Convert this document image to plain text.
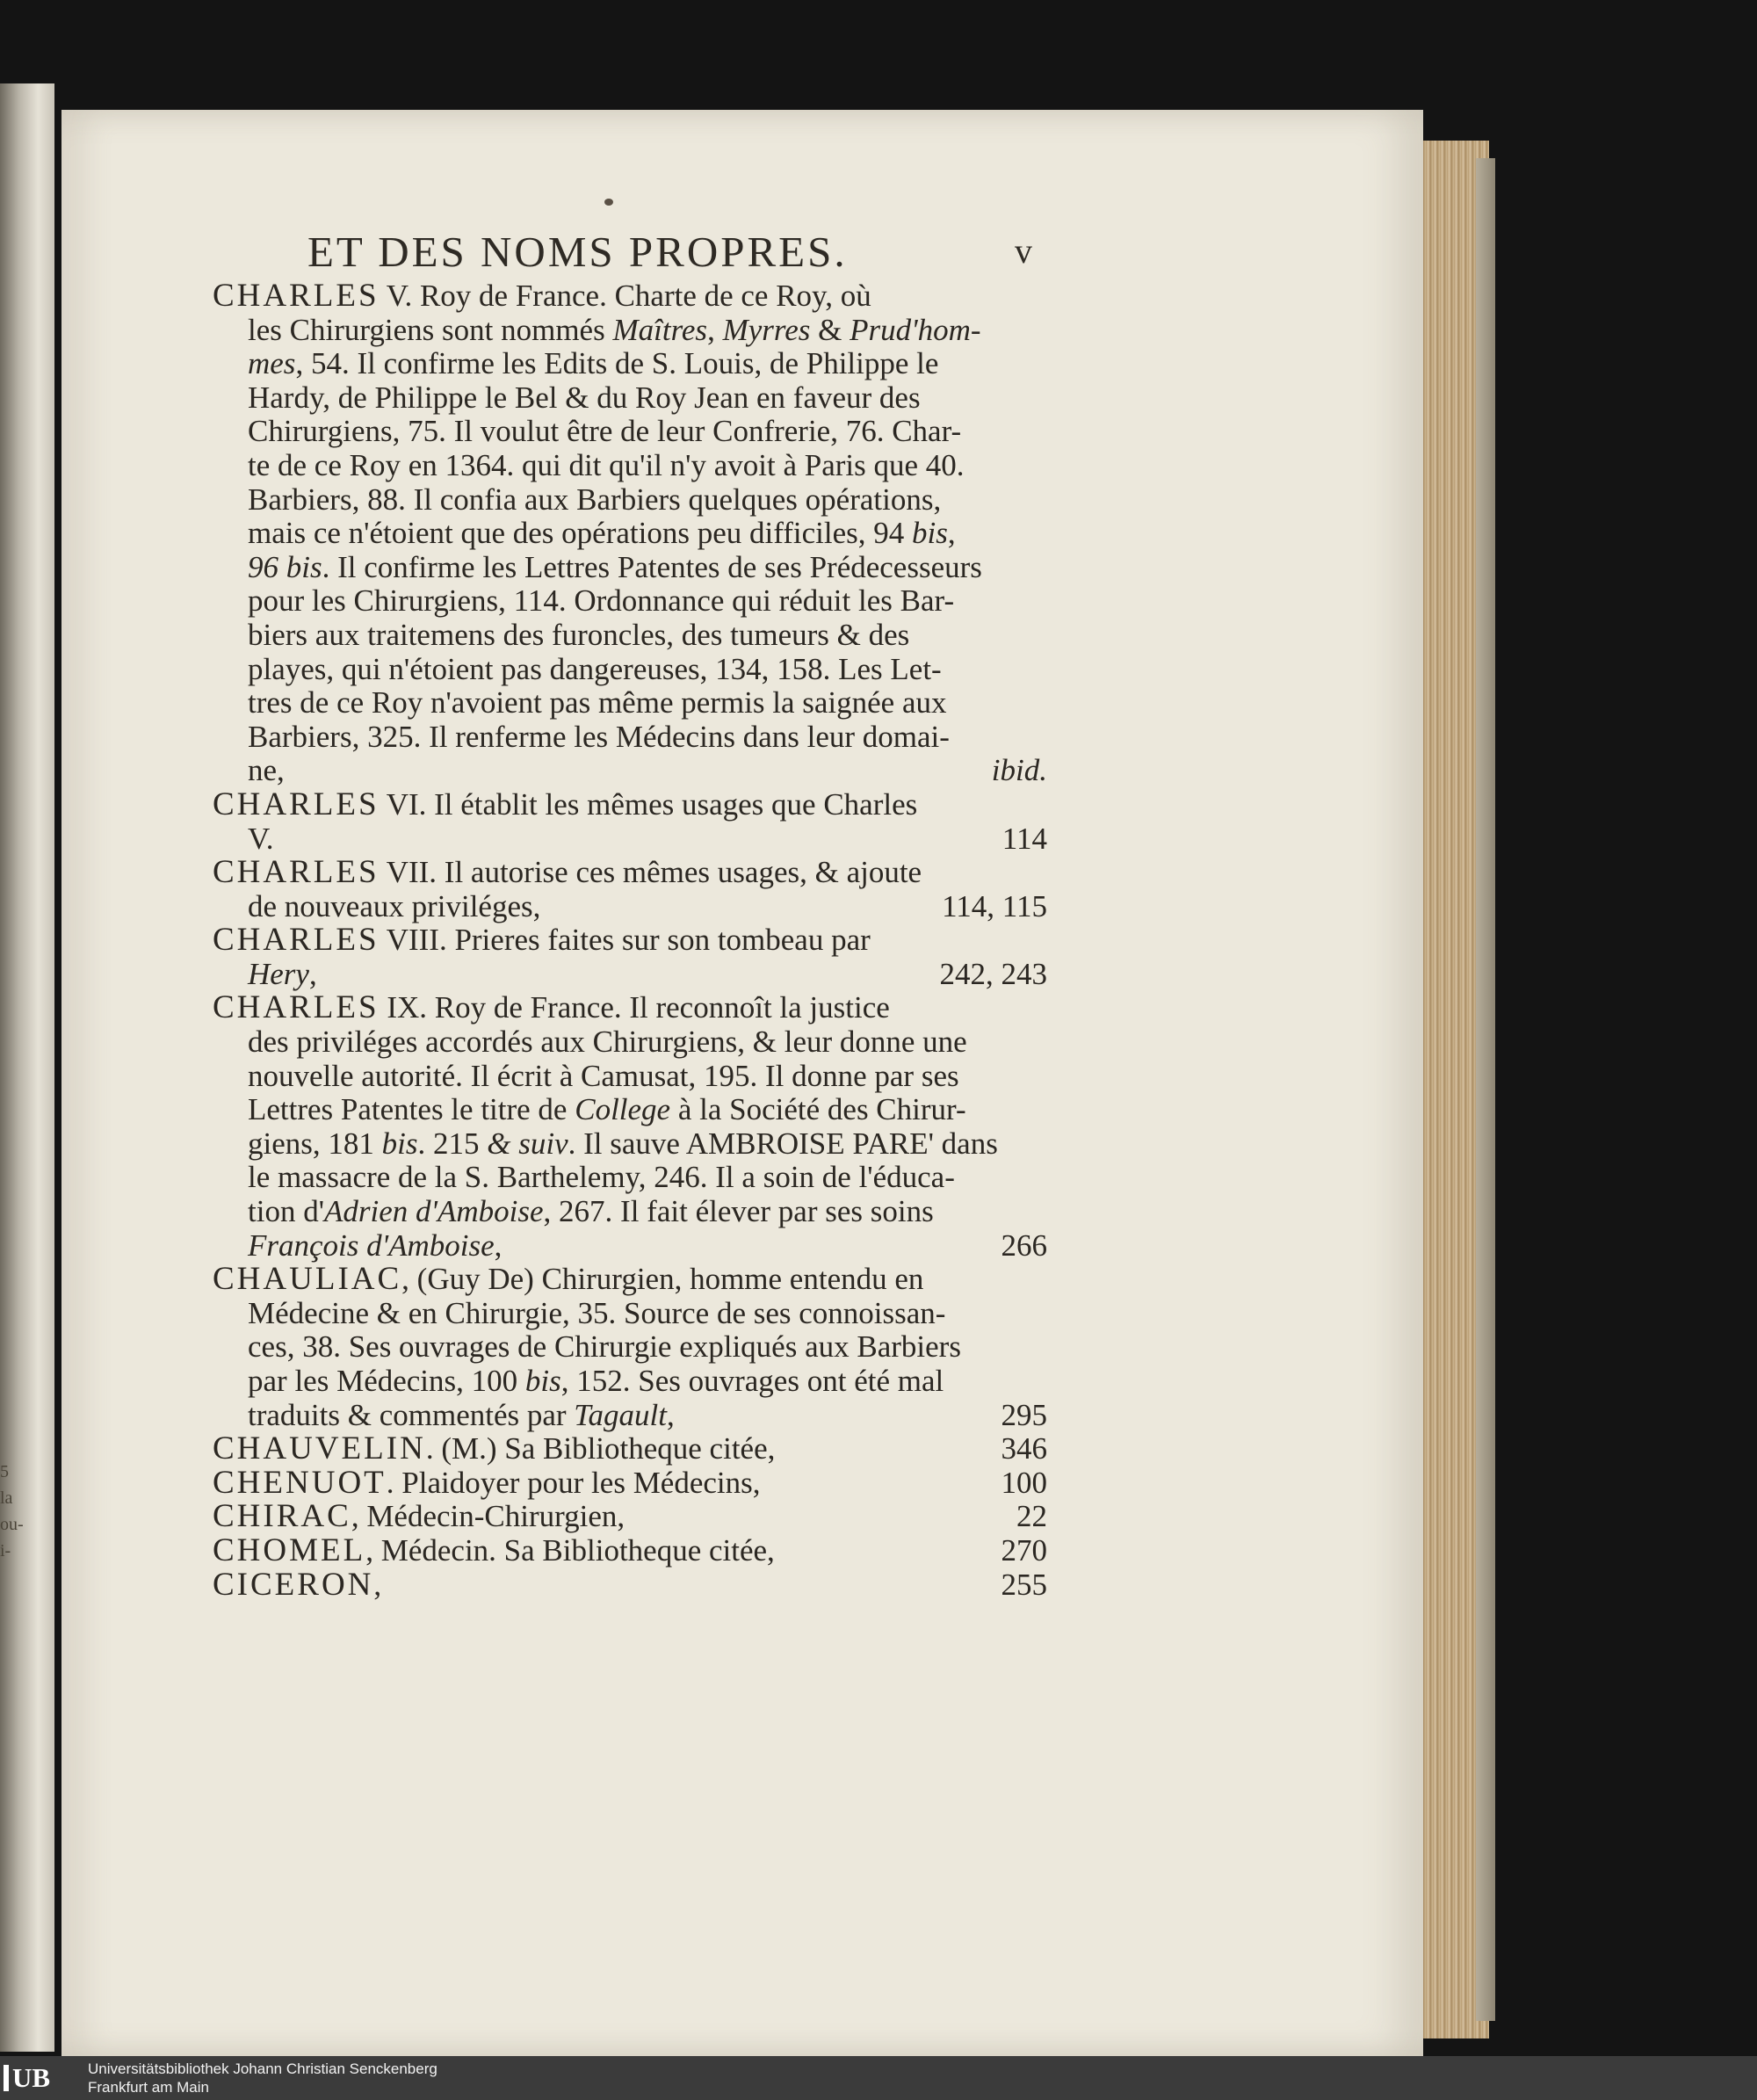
5
la
ou-
i-
ET DES NOMS PROPRES.	v
CHARLES V. Roy de France. Charte de ce Roy, où
les Chirurgiens sont nommés Maîtres, Myrres & Prud'hom-
mes, 54. Il confirme les Edits de S. Louis, de Philippe le
Hardy, de Philippe le Bel & du Roy Jean en faveur des
Chirurgiens, 75. Il voulut être de leur Confrerie, 76. Char-
te de ce Roy en 1364. qui dit qu'il n'y avoit à Paris que 40.
Barbiers, 88. Il confia aux Barbiers quelques opérations,
mais ce n'étoient que des opérations peu difficiles, 94 bis,
96 bis. Il confirme les Lettres Patentes de ses Prédecesseurs
pour les Chirurgiens, 114. Ordonnance qui réduit les Bar-
biers aux traitemens des furoncles, des tumeurs & des
playes, qui n'étoient pas dangereuses, 134, 158. Les Let-
tres de ce Roy n'avoient pas même permis la saignée aux
Barbiers, 325. Il renferme les Médecins dans leur domai-
ne,	ibid.
CHARLES VI. Il établit les mêmes usages que Charles
V.	114
CHARLES VII. Il autorise ces mêmes usages, & ajoute
de nouveaux priviléges,	114, 115
CHARLES VIII. Prieres faites sur son tombeau par
Hery,	242, 243
CHARLES IX. Roy de France. Il reconnoît la justice
des priviléges accordés aux Chirurgiens, & leur donne une
nouvelle autorité. Il écrit à Camusat, 195. Il donne par ses
Lettres Patentes le titre de College à la Société des Chirur-
giens, 181 bis. 215 & suiv. Il sauve AMBROISE PARE' dans
le massacre de la S. Barthelemy, 246. Il a soin de l'éduca-
tion d'Adrien d'Amboise, 267. Il fait élever par ses soins
François d'Amboise,	266
CHAULIAC, (Guy De) Chirurgien, homme entendu en
Médecine & en Chirurgie, 35. Source de ses connoissan-
ces, 38. Ses ouvrages de Chirurgie expliqués aux Barbiers
par les Médecins, 100 bis, 152. Ses ouvrages ont été mal
traduits & commentés par Tagault,	295
CHAUVELIN. (M.) Sa Bibliotheque citée,	346
CHENUOT. Plaidoyer pour les Médecins,	100
CHIRAC, Médecin-Chirurgien,	22
CHOMEL, Médecin. Sa Bibliotheque citée,	270
CICERON,	255
UB	Universitätsbibliothek Johann Christian Senckenberg
Frankfurt am Main
